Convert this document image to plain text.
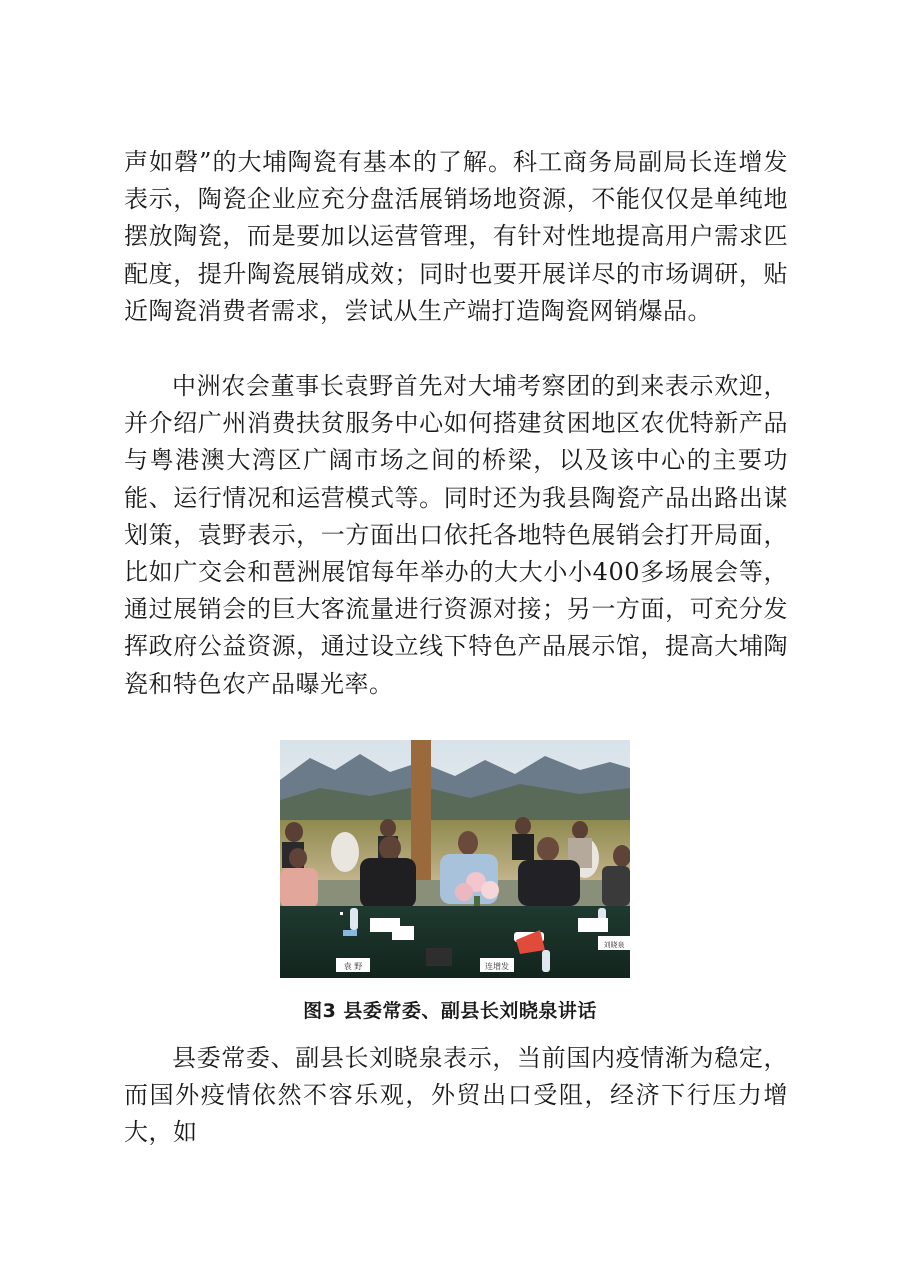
声如磬”的大埔陶瓷有基本的了解。科工商务局副局长连增发表示，陶瓷企业应充分盘活展销场地资源，不能仅仅是单纯地摆放陶瓷，而是要加以运营管理，有针对性地提高用户需求匹配度，提升陶瓷展销成效；同时也要开展详尽的市场调研，贴近陶瓷消费者需求，尝试从生产端打造陶瓷网销爆品。

中洲农会董事长袁野首先对大埔考察团的到来表示欢迎，并介绍广州消费扶贫服务中心如何搭建贫困地区农优特新产品与粤港澳大湾区广阔市场之间的桥梁，以及该中心的主要功能、运行情况和运营模式等。同时还为我县陶瓷产品出路出谋划策，袁野表示，一方面出口依托各地特色展销会打开局面，比如广交会和琶洲展馆每年举办的大大小小400多场展会等，通过展销会的巨大客流量进行资源对接；另一方面，可充分发挥政府公益资源，通过设立线下特色产品展示馆，提高大埔陶瓷和特色农产品曝光率。

袁 野	连增发
刘晓泉
图3 县委常委、副县长刘晓泉讲话

县委常委、副县长刘晓泉表示，当前国内疫情渐为稳定，而国外疫情依然不容乐观，外贸出口受阻，经济下行压力增大，如
